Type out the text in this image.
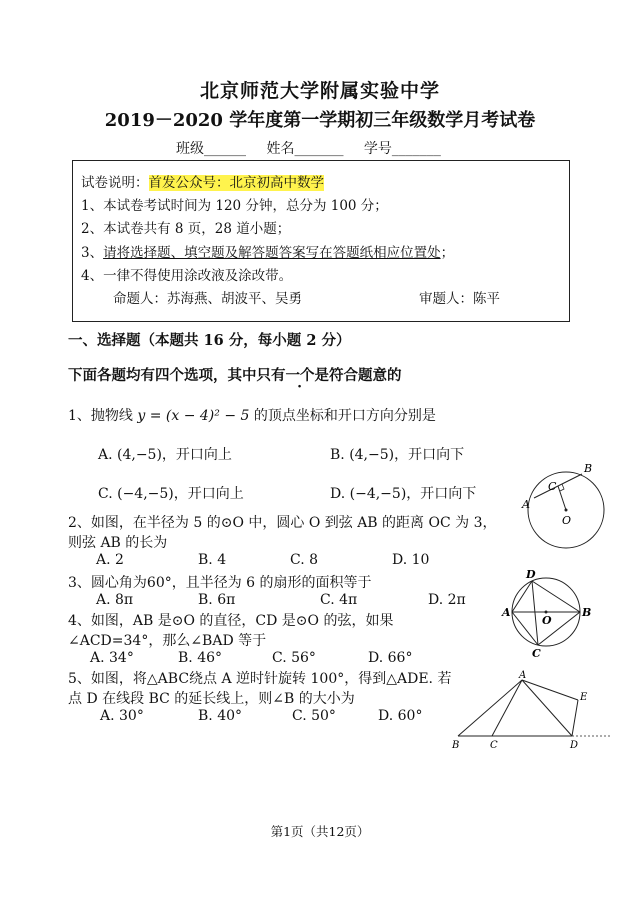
北京师范大学附属实验中学
2019－2020 学年度第一学期初三年级数学月考试卷
班级______ 姓名_______ 学号_______
试卷说明：首发公众号：北京初高中数学
1、本试卷考试时间为 120 分钟，总分为 100 分；
2、本试卷共有 8 页，28 道小题；
3、请将选择题、填空题及解答题答案写在答题纸相应位置处；
4、一律不得使用涂改液及涂改带。
命题人：苏海燕、胡波平、吴勇	审题人：陈平
一、选择题（本题共 16 分，每小题 2 分）
下面各题均有四个选项，其中只有一个是符合题意的
1、抛物线 y = (x − 4)² − 5 的顶点坐标和开口方向分别是
A. (4,−5)，开口向上	B. (4,−5)，开口向下
C. (−4,−5)，开口向上	D. (−4,−5)，开口向下
2、如图，在半径为 5 的⊙O 中，圆心 O 到弦 AB 的距离 OC 为 3，
则弦 AB 的长为
A. 2	B. 4	C. 8	D. 10
3、圆心角为60°，且半径为 6 的扇形的面积等于
A. 8π	B. 6π	C. 4π	D. 2π
4、如图，AB 是⊙O 的直径，CD 是⊙O 的弦，如果
∠ACD=34°，那么∠BAD 等于
A. 34°	B. 46°	C. 56°	D. 66°
5、如图，将△ABC绕点 A 逆时针旋转 100°，得到△ADE. 若
点 D 在线段 BC 的延长线上，则∠B 的大小为
A. 30°	B. 40°	C. 50°	D. 60°
B
C
A
O
D
A
O
B
C
A
E
B	C	D
第1页（共12页）
